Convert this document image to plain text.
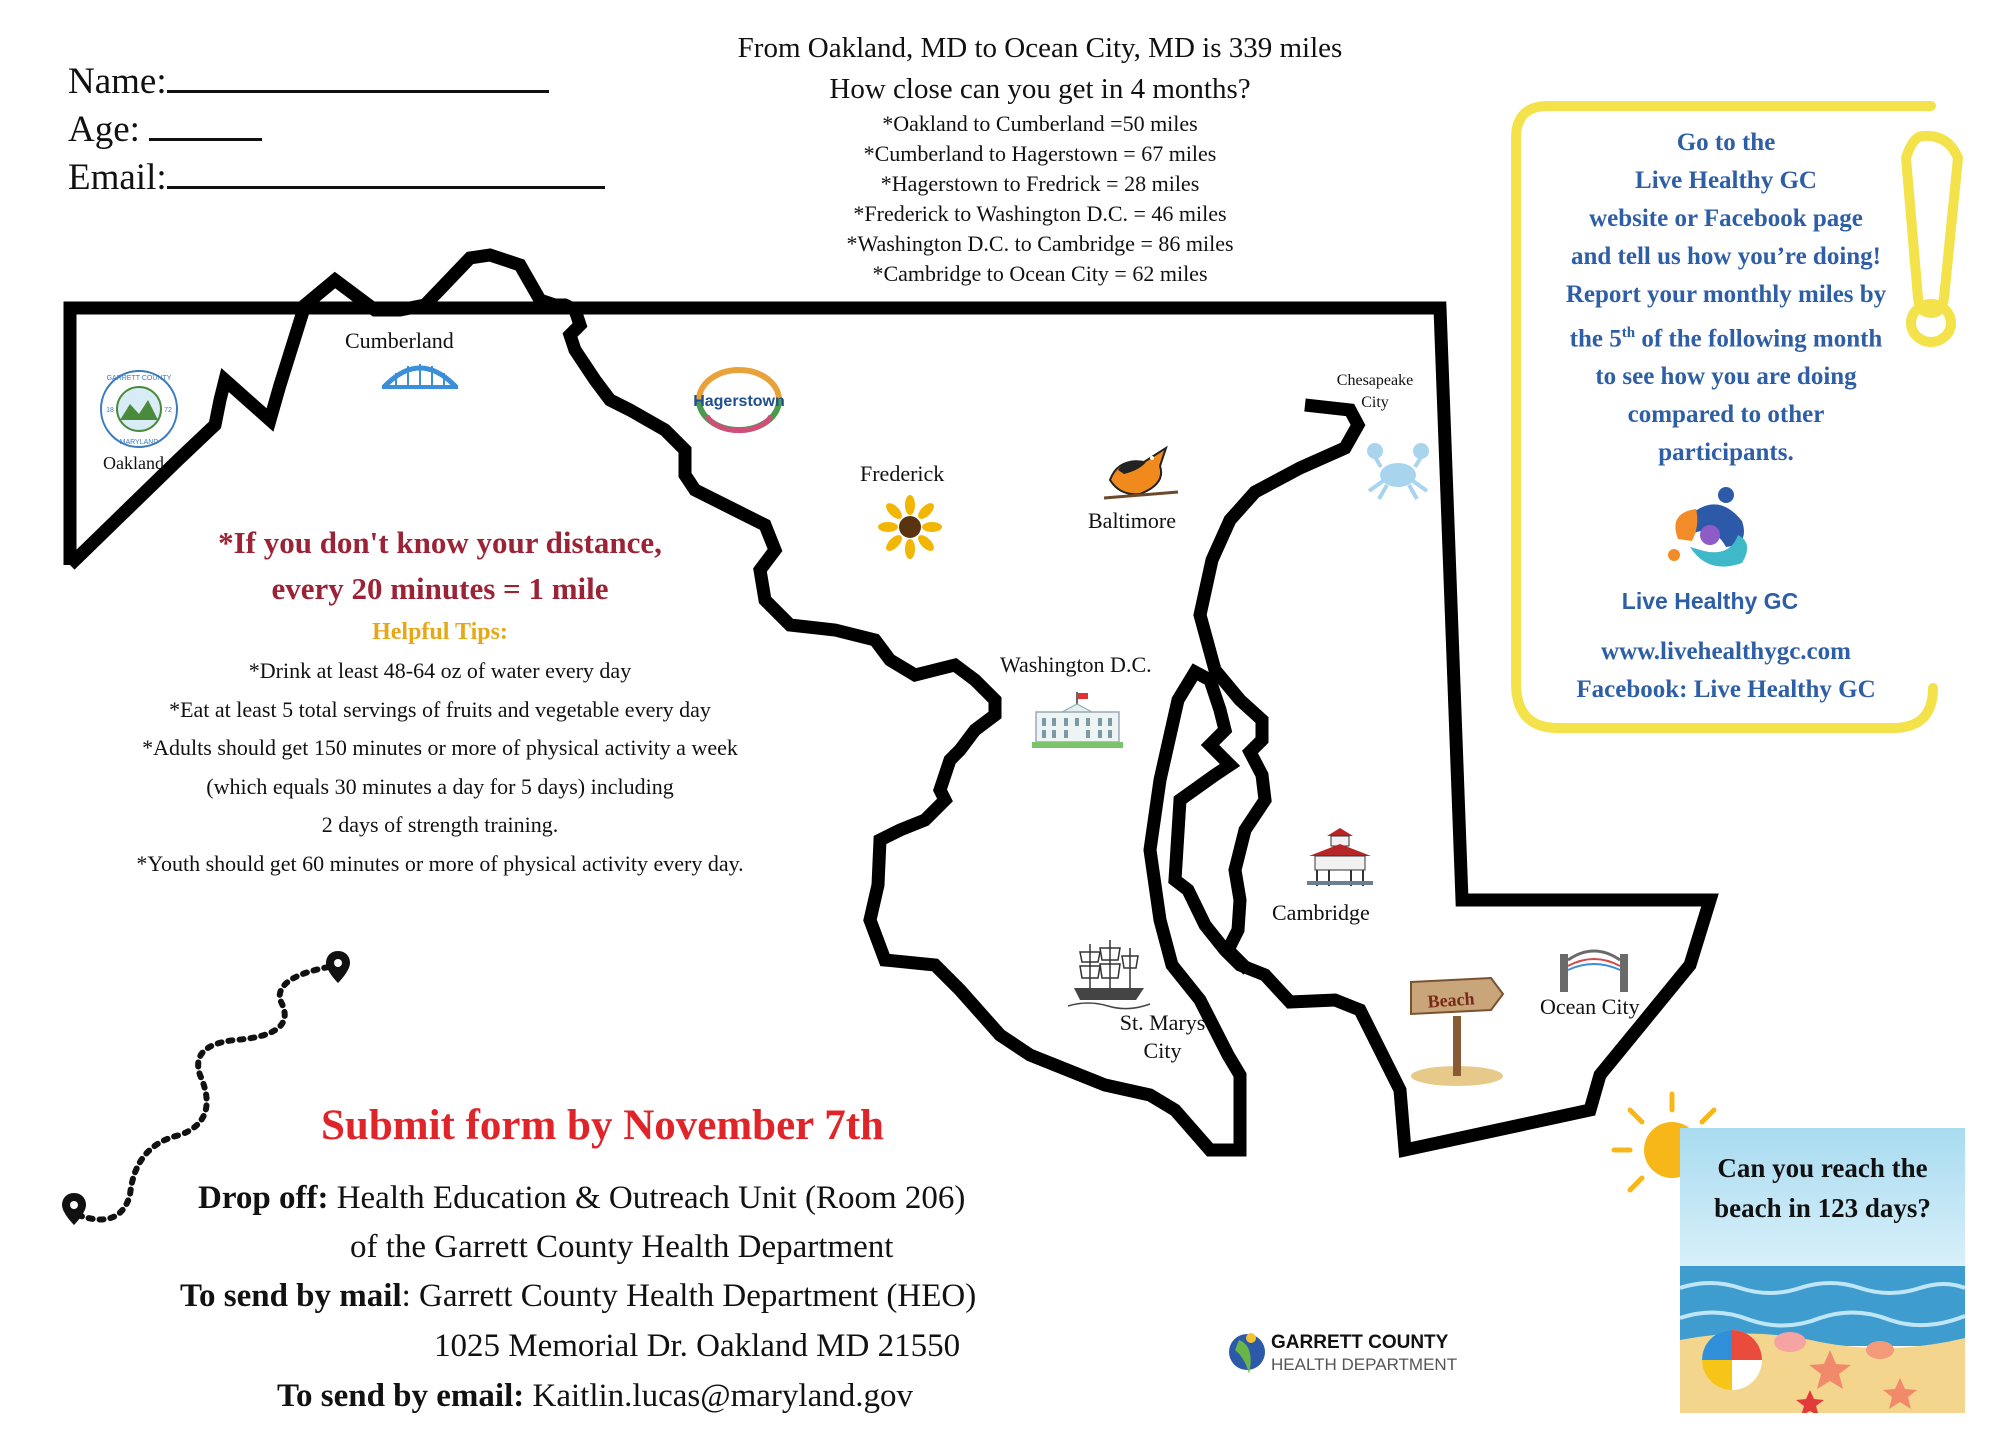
Name:
Age:
Email:
From Oakland, MD to Ocean City, MD is 339 miles
How close can you get in 4 months?
*Oakland to Cumberland =50 miles
*Cumberland to Hagerstown = 67 miles
*Hagerstown to Fredrick = 28 miles
*Frederick to Washington D.C. = 46 miles
*Washington D.C. to Cambridge = 86 miles
*Cambridge to Ocean City = 62 miles
Cumberland
GARRETT COUNTY
MARYLAND
18	72
Oakland
Hagerstown
Frederick
Baltimore
Chesapeake
City
Washington D.C.
Cambridge
St. Marys
City
Beach	Ocean City
*If you don't know your distance,
every 20 minutes = 1 mile
Helpful Tips:
*Drink at least 48-64 oz of water every day
*Eat at least 5 total servings of fruits and vegetable every day
*Adults should get 150 minutes or more of physical activity a week
(which equals 30 minutes a day for 5 days) including
2 days of strength training.
*Youth should get 60 minutes or more of physical activity every day.
Submit form by November 7th
Drop off: Health Education & Outreach Unit (Room 206)
of the Garrett County Health Department
To send by mail: Garrett County Health Department (HEO)
1025 Memorial Dr. Oakland MD 21550
To send by email: Kaitlin.lucas@maryland.gov
GARRETT COUNTY
HEALTH DEPARTMENT
Go to the
Live Healthy GC
website or Facebook page
and tell us how you’re doing!
Report your monthly miles by
the 5th of the following month
to see how you are doing
compared to other
participants.
Live Healthy GC
www.livehealthygc.com
Facebook: Live Healthy GC
Can you reach the beach in 123 days?
